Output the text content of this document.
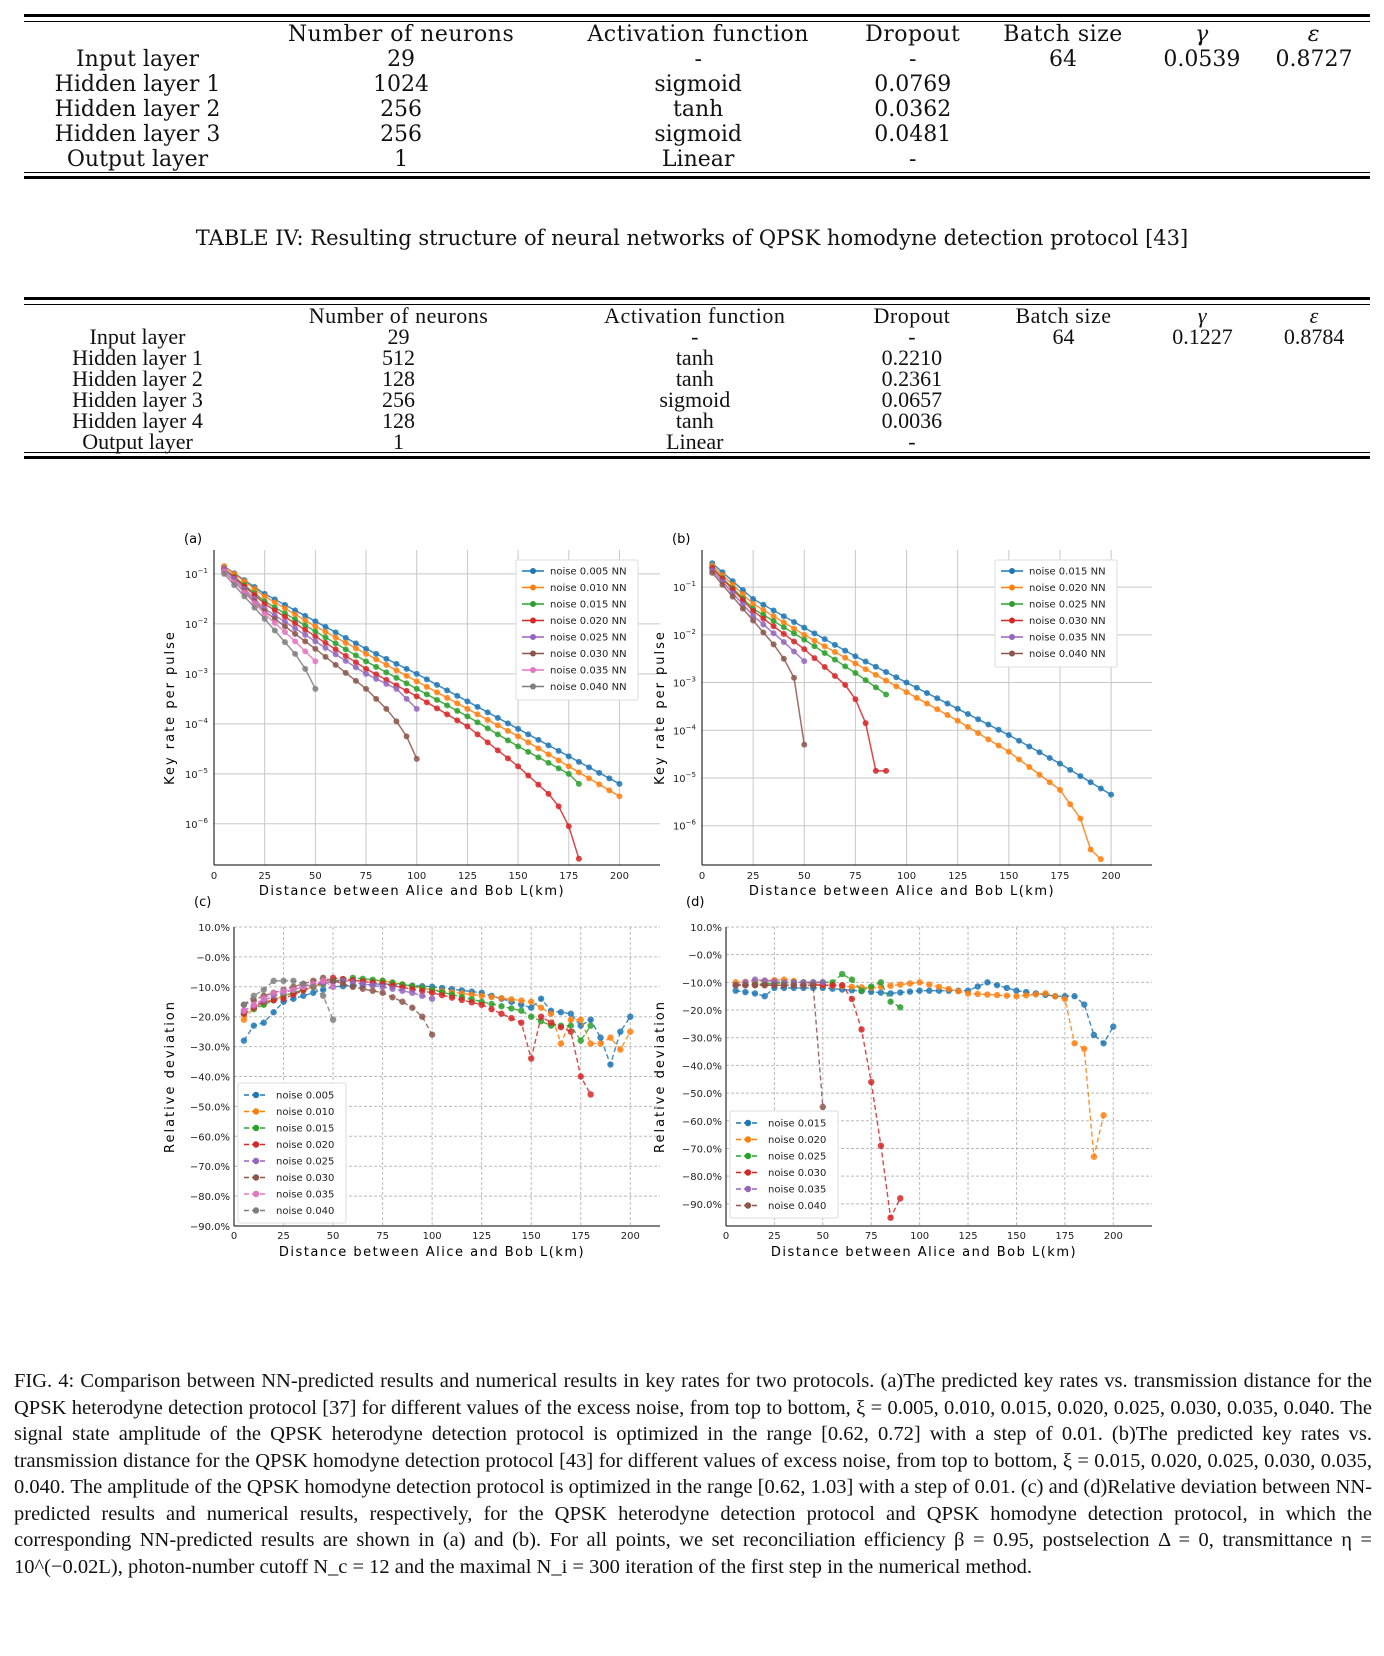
	Number of neurons	Activation function	Dropout	Batch size	γ	ε
Input layer	29	-	-	64	0.0539	0.8727
Hidden layer 1	1024	sigmoid	0.0769			
Hidden layer 2	256	tanh	0.0362			
Hidden layer 3	256	sigmoid	0.0481			
Output layer	1	Linear	-			
TABLE IV: Resulting structure of neural networks of QPSK homodyne detection protocol [43]
	Number of neurons	Activation function	Dropout	Batch size	γ	ε
Input layer	29	-	-	64	0.1227	0.8784
Hidden layer 1	512	tanh	0.2210			
Hidden layer 2	128	tanh	0.2361			
Hidden layer 3	256	sigmoid	0.0657			
Hidden layer 4	128	tanh	0.0036			
Output layer	1	Linear	-			
(a)
0	25	50	75	100	125	150	175	200
$10^{-1}$
$10^{-2}$
$10^{-3}$
$10^{-4}$
$10^{-5}$
$10^{-6}$
noise 0.005 NN
noise 0.010 NN
noise 0.015 NN
noise 0.020 NN
noise 0.025 NN
noise 0.030 NN
noise 0.035 NN
noise 0.040 NN
Distance between Alice and Bob L(km)
Key rate per pulse
(b)
0	25	50	75	100	125	150	175	200
$10^{-1}$
$10^{-2}$
$10^{-3}$
$10^{-4}$
$10^{-5}$
$10^{-6}$
noise 0.015 NN
noise 0.020 NN
noise 0.025 NN
noise 0.030 NN
noise 0.035 NN
noise 0.040 NN
Distance between Alice and Bob L(km)
Key rate per pulse
(c)
0	25	50	75	100	125	150	175	200
10.0%
−0.0%
−10.0%
−20.0%
−30.0%
−40.0%
−50.0%
−60.0%
−70.0%
−80.0%
−90.0%
noise 0.005
noise 0.010
noise 0.015
noise 0.020
noise 0.025
noise 0.030
noise 0.035
noise 0.040
Distance between Alice and Bob L(km)
Relative deviation
(d)
0	25	50	75	100	125	150	175	200
10.0%
−0.0%
−10.0%
−20.0%
−30.0%
−40.0%
−50.0%
−60.0%
−70.0%
−80.0%
−90.0%
noise 0.015
noise 0.020
noise 0.025
noise 0.030
noise 0.035
noise 0.040
Distance between Alice and Bob L(km)
Relative deviation
FIG. 4: Comparison between NN-predicted results and numerical results in key rates for two protocols. (a)The predicted key rates vs. transmission distance for the QPSK heterodyne detection protocol [37] for different values of the excess noise, from top to bottom, ξ = 0.005, 0.010, 0.015, 0.020, 0.025, 0.030, 0.035, 0.040. The signal state amplitude of the QPSK heterodyne detection protocol is optimized in the range [0.62, 0.72] with a step of 0.01. (b)The predicted key rates vs. transmission distance for the QPSK homodyne detection protocol [43] for different values of excess noise, from top to bottom, ξ = 0.015, 0.020, 0.025, 0.030, 0.035, 0.040. The amplitude of the QPSK homodyne detection protocol is optimized in the range [0.62, 1.03] with a step of 0.01. (c) and (d)Relative deviation between NN-predicted results and numerical results, respectively, for the QPSK heterodyne detection protocol and QPSK homodyne detection protocol, in which the corresponding NN-predicted results are shown in (a) and (b). For all points, we set reconciliation efficiency β = 0.95, postselection Δ = 0, transmittance η = 10^(−0.02L), photon-number cutoff N_c = 12 and the maximal N_i = 300 iteration of the first step in the numerical method.
